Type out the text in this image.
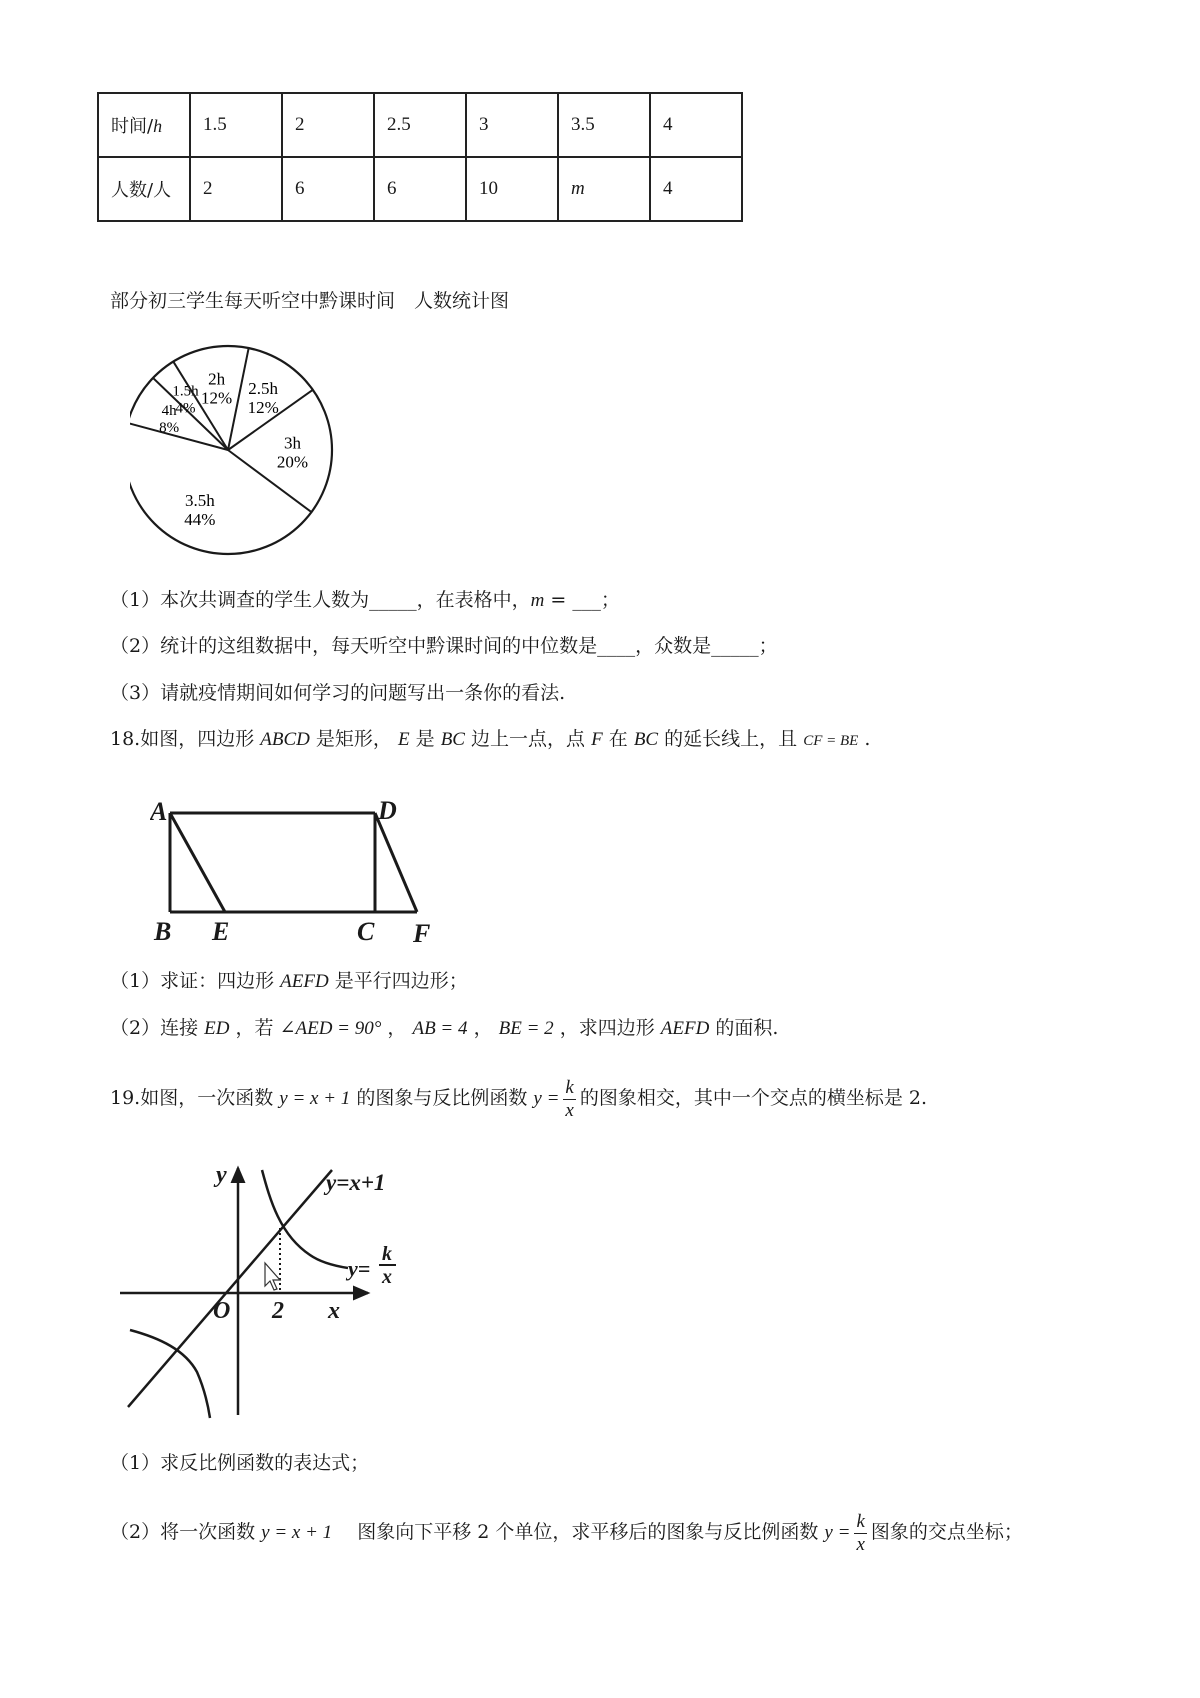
时间/h	1.5	2	2.5	3	3.5	4
人数/人	2	6	6	10	m	4
部分初三学生每天听空中黔课时间　人数统计图
2.5h
12%
3h
20%
3.5h
44%
4h
8%
1.5h
4%
2h
12%
（1）本次共调查的学生人数为_____，在表格中，m = ___；
（2）统计的这组数据中，每天听空中黔课时间的中位数是____，众数是_____；
（3）请就疫情期间如何学习的问题写出一条你的看法.
18.如图，四边形 ABCD 是矩形， E 是 BC 边上一点，点 F 在 BC 的延长线上，且 CF = BE .
A	D
B E	C F
（1）求证：四边形 AEFD 是平行四边形；
（2）连接 ED ，若 ∠AED = 90° ， AB = 4 ， BE = 2 ，求四边形 AEFD 的面积.
19.如图，一次函数 y = x + 1 的图象与反比例函数 $y = \frac{k}{x}$ 的图象相交，其中一个交点的横坐标是 2.
y
x
O 2
y=x+1
y=
k
x
（1）求反比例函数的表达式；
（2）将一次函数 y = x + 1 　图象向下平移 2 个单位，求平移后的图象与反比例函数 $y = \frac{k}{x}$ 图象的交点坐标；
